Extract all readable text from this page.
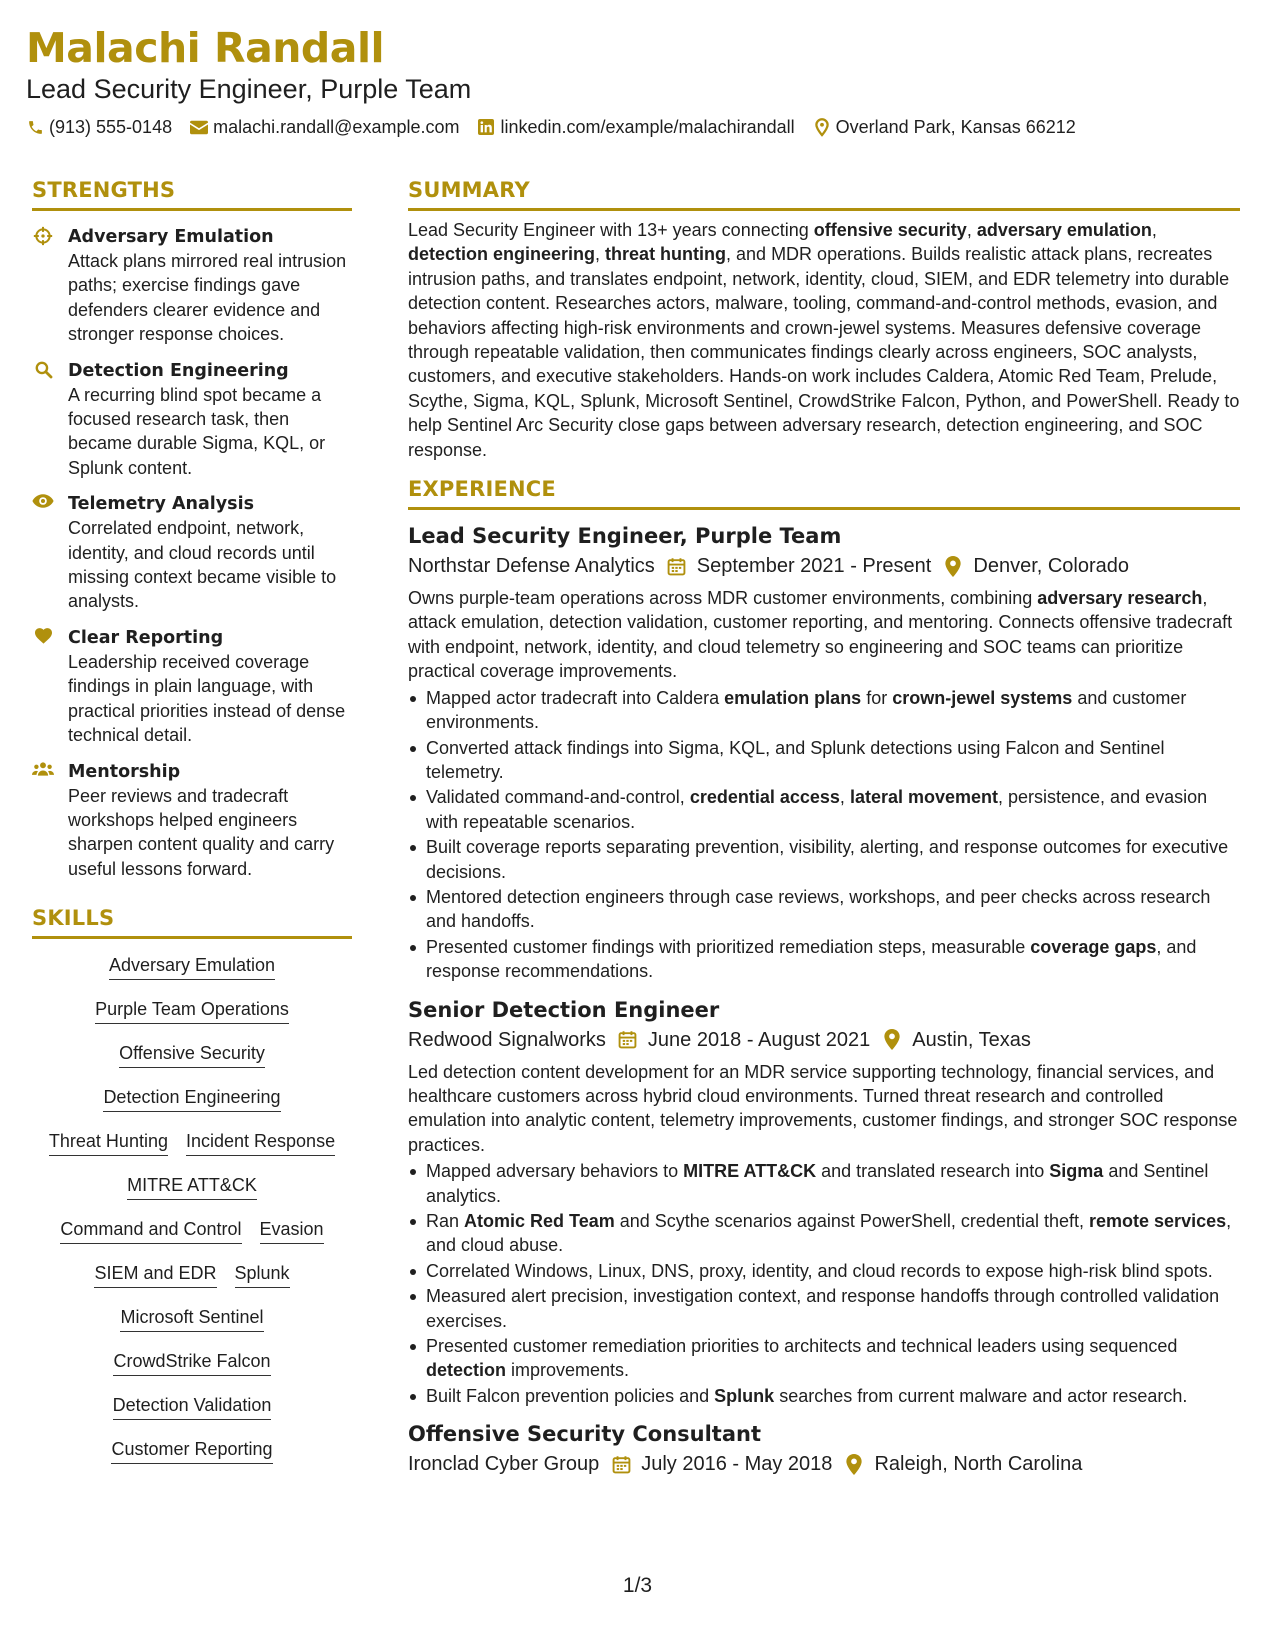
Malachi Randall
Lead Security Engineer, Purple Team
(913) 555-0148 malachi.randall@example.com linkedin.com/example/malachirandall Overland Park, Kansas 66212
STRENGTHS
Adversary Emulation
Attack plans mirrored real intrusion paths; exercise findings gave defenders clearer evidence and stronger response choices.
Detection Engineering
A recurring blind spot became a focused research task, then became durable Sigma, KQL, or Splunk content.
Telemetry Analysis
Correlated endpoint, network, identity, and cloud records until missing context became visible to analysts.
Clear Reporting
Leadership received coverage findings in plain language, with practical priorities instead of dense technical detail.
Mentorship
Peer reviews and tradecraft workshops helped engineers sharpen content quality and carry useful lessons forward.
SKILLS
Adversary Emulation
Purple Team Operations
Offensive Security
Detection Engineering
Threat Hunting Incident Response
MITRE ATT&CK
Command and Control Evasion
SIEM and EDR Splunk
Microsoft Sentinel
CrowdStrike Falcon
Detection Validation
Customer Reporting
SUMMARY
Lead Security Engineer with 13+ years connecting offensive security, adversary emulation, detection engineering, threat hunting, and MDR operations. Builds realistic attack plans, recreates intrusion paths, and translates endpoint, network, identity, cloud, SIEM, and EDR telemetry into durable detection content. Researches actors, malware, tooling, command-and-control methods, evasion, and behaviors affecting high-risk environments and crown-jewel systems. Measures defensive coverage through repeatable validation, then communicates findings clearly across engineers, SOC analysts, customers, and executive stakeholders. Hands-on work includes Caldera, Atomic Red Team, Prelude, Scythe, Sigma, KQL, Splunk, Microsoft Sentinel, CrowdStrike Falcon, Python, and PowerShell. Ready to help Sentinel Arc Security close gaps between adversary research, detection engineering, and SOC response.
EXPERIENCE
Lead Security Engineer, Purple Team
Northstar Defense Analytics September 2021 - Present Denver, Colorado
Owns purple-team operations across MDR customer environments, combining adversary research, attack emulation, detection validation, customer reporting, and mentoring. Connects offensive tradecraft with endpoint, network, identity, and cloud telemetry so engineering and SOC teams can prioritize practical coverage improvements.
Mapped actor tradecraft into Caldera emulation plans for crown-jewel systems and customer environments.
Converted attack findings into Sigma, KQL, and Splunk detections using Falcon and Sentinel telemetry.
Validated command-and-control, credential access, lateral movement, persistence, and evasion with repeatable scenarios.
Built coverage reports separating prevention, visibility, alerting, and response outcomes for executive decisions.
Mentored detection engineers through case reviews, workshops, and peer checks across research and handoffs.
Presented customer findings with prioritized remediation steps, measurable coverage gaps, and response recommendations.
Senior Detection Engineer
Redwood Signalworks June 2018 - August 2021 Austin, Texas
Led detection content development for an MDR service supporting technology, financial services, and healthcare customers across hybrid cloud environments. Turned threat research and controlled emulation into analytic content, telemetry improvements, customer findings, and stronger SOC response practices.
Mapped adversary behaviors to MITRE ATT&CK and translated research into Sigma and Sentinel analytics.
Ran Atomic Red Team and Scythe scenarios against PowerShell, credential theft, remote services, and cloud abuse.
Correlated Windows, Linux, DNS, proxy, identity, and cloud records to expose high-risk blind spots.
Measured alert precision, investigation context, and response handoffs through controlled validation exercises.
Presented customer remediation priorities to architects and technical leaders using sequenced detection improvements.
Built Falcon prevention policies and Splunk searches from current malware and actor research.
Offensive Security Consultant
Ironclad Cyber Group July 2016 - May 2018 Raleigh, North Carolina
1/3
